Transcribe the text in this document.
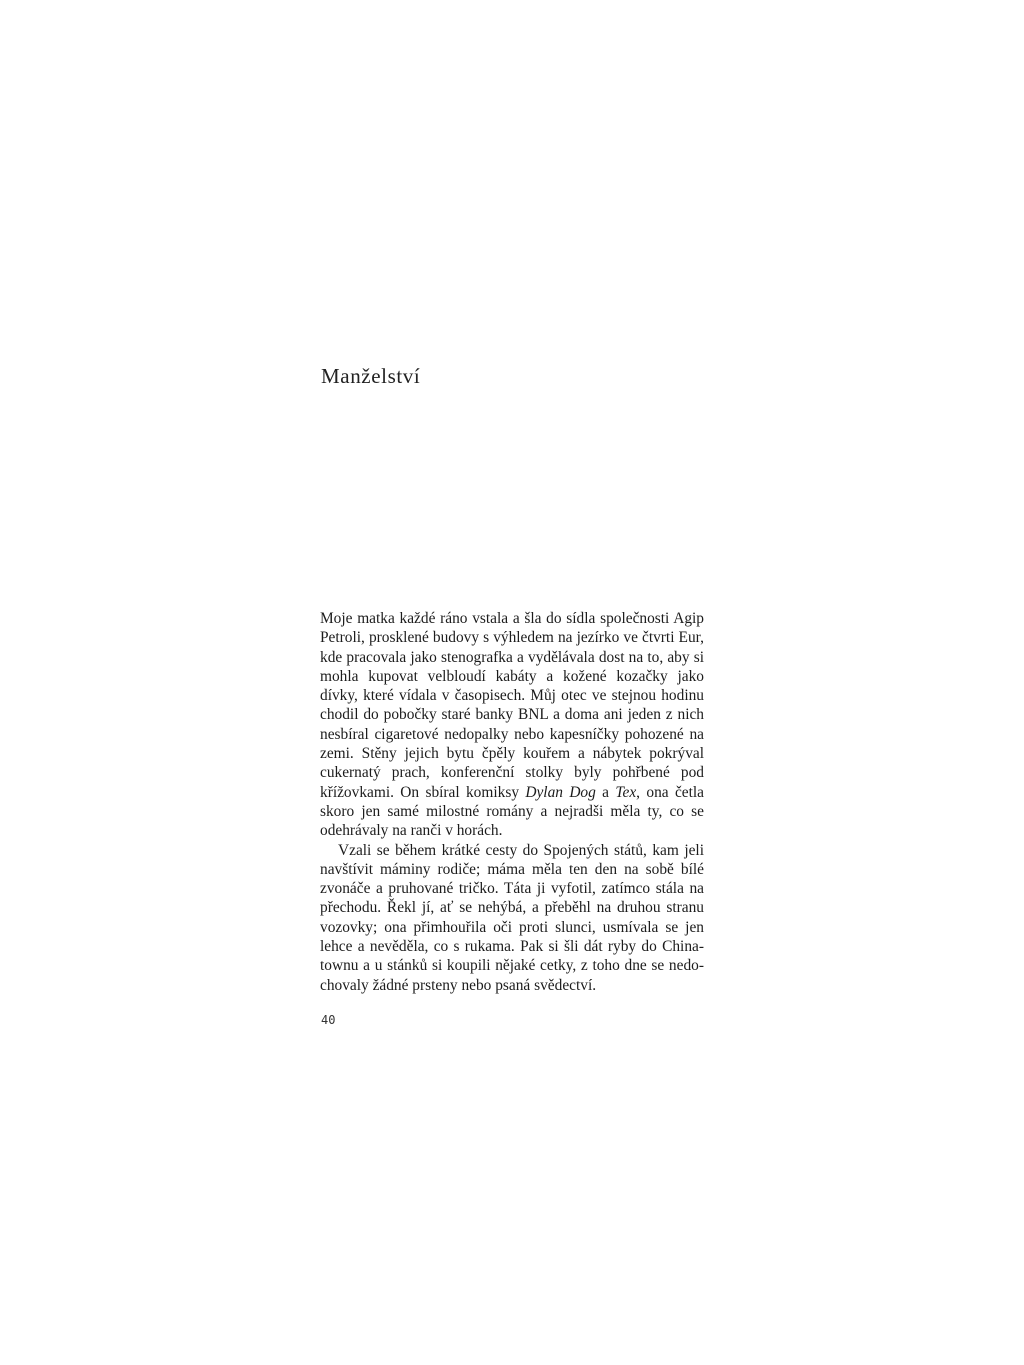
Manželství

Moje matka každé ráno vstala a šla do sídla společnosti Agip Petroli, prosklené budovy s výhledem na jezírko ve čtvrti Eur, kde pracovala jako stenografka a vydělávala dost na to, aby si mohla kupovat velbloudí kabáty a kožené kozačky jako dívky, které vídala v časopisech. Můj otec ve stejnou hodinu chodil do pobočky staré banky BNL a doma ani jeden z nich nesbíral cigaretové nedopalky nebo kapesníčky pohozené na zemi. Stěny jejich bytu čpěly kouřem a nábytek pokrýval cukernatý prach, konferenční stolky byly pohřbené pod křížovkami. On sbíral komiksy Dylan Dog a Tex, ona četla skoro jen samé milostné romány a nejradši měla ty, co se odehrávaly na ranči v horách.

Vzali se během krátké cesty do Spojených států, kam jeli navštívit máminy rodiče; máma měla ten den na sobě bílé zvonáče a pruhované tričko. Táta ji vyfotil, zatímco stála na přechodu. Řekl jí, ať se nehýbá, a přeběhl na druhou stranu vozovky; ona přimhouřila oči proti slunci, usmívala se jen lehce a nevěděla, co s rukama. Pak si šli dát ryby do Chinatownu a u stánků si koupili nějaké cetky, z toho dne se nedochovaly žádné prsteny nebo psaná svědectví.

40
